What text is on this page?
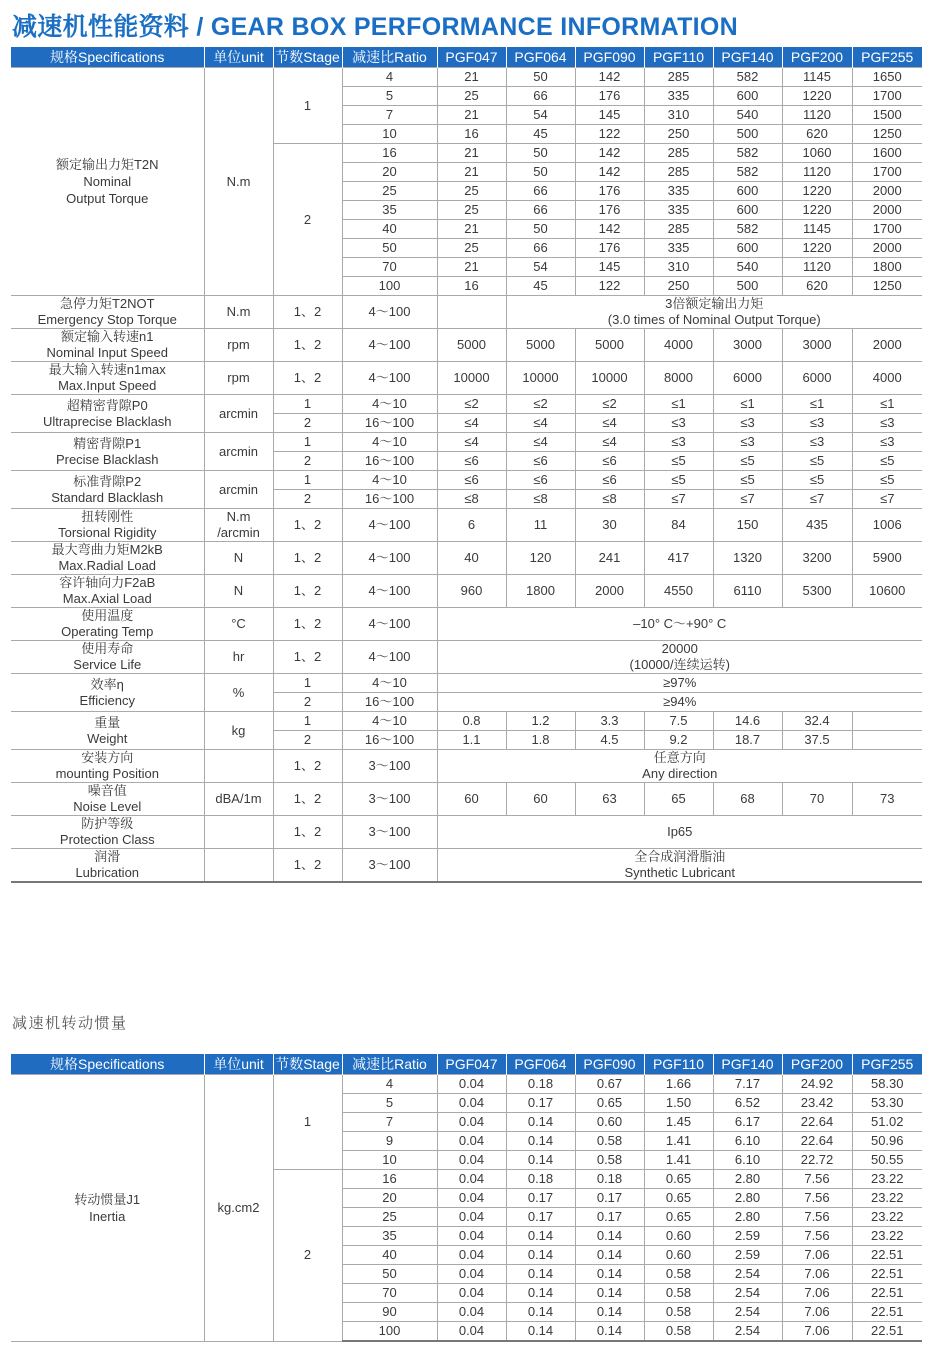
减速机性能资料 / GEAR BOX PERFORMANCE INFORMATION
规格Specifications	单位unit	节数Stage	减速比Ratio	PGF047	PGF064	PGF090	PGF110	PGF140	PGF200	PGF255

额定输出力矩T2N
Nominal
Output Torque	N.m	1	4	21	50	142	285	582	1145	1650
			5	25	66	176	335	600	1220	1700
			7	21	54	145	310	540	1120	1500
			10	16	45	122	250	500	620	1250
		2	16	21	50	142	285	582	1060	1600
			20	21	50	142	285	582	1120	1700
			25	25	66	176	335	600	1220	2000
			35	25	66	176	335	600	1220	2000
			40	21	50	142	285	582	1145	1700
			50	25	66	176	335	600	1220	2000
			70	21	54	145	310	540	1120	1800
			100	16	45	122	250	500	620	1250

急停力矩T2NOT
Emergency Stop Torque	N.m	1、2	4～100		3倍额定输出力矩
(3.0 times of Nominal Output Torque)					

额定输入转速n1
Nominal Input Speed	rpm	1、2	4～100	5000	5000	5000	4000	3000	3000	2000

最大输入转速n1max
Max.Input Speed	rpm	1、2	4～100	10000	10000	10000	8000	6000	6000	4000

超精密背隙P0
Ultraprecise Blacklash	arcmin	1	4～10	≤2	≤2	≤2	≤1	≤1	≤1	≤1
		2	16～100	≤4	≤4	≤4	≤3	≤3	≤3	≤3

精密背隙P1
Precise Blacklash	arcmin	1	4～10	≤4	≤4	≤4	≤3	≤3	≤3	≤3
		2	16～100	≤6	≤6	≤6	≤5	≤5	≤5	≤5

标准背隙P2
Standard Blacklash	arcmin	1	4～10	≤6	≤6	≤6	≤5	≤5	≤5	≤5
		2	16～100	≤8	≤8	≤8	≤7	≤7	≤7	≤7

扭转刚性
Torsional Rigidity	N.m
/arcmin	1、2	4～100	6	11	30	84	150	435	1006

最大弯曲力矩M2kB
Max.Radial Load	N	1、2	4～100	40	120	241	417	1320	3200	5900

容许轴向力F2aB
Max.Axial Load	N	1、2	4～100	960	1800	2000	4550	6110	5300	10600

使用温度
Operating Temp	°C	1、2	4～100	–10° C～+90° C						

使用寿命
Service Life	hr	1、2	4～100	20000
(10000/连续运转)						

效率η
Efficiency	%	1	4～10	≥97%						
		2	16～100	≥94%						

重量
Weight	kg	1	4～10	0.8	1.2	3.3	7.5	14.6	32.4	
		2	16～100	1.1	1.8	4.5	9.2	18.7	37.5	

安装方向
mounting Position		1、2	3～100	任意方向
Any direction						

噪音值
Noise Level	dBA/1m	1、2	3～100	60	60	63	65	68	70	73

防护等级
Protection Class		1、2	3～100	Ip65						

润滑
Lubrication		1、2	3～100	全合成润滑脂油
Synthetic Lubricant						
减速机转动惯量
规格Specifications	单位unit	节数Stage	减速比Ratio	PGF047	PGF064	PGF090	PGF110	PGF140	PGF200	PGF255

转动惯量J1
Inertia	kg.cm2	1	4	0.04	0.18	0.67	1.66	7.17	24.92	58.30
			5	0.04	0.17	0.65	1.50	6.52	23.42	53.30
			7	0.04	0.14	0.60	1.45	6.17	22.64	51.02
			9	0.04	0.14	0.58	1.41	6.10	22.64	50.96
			10	0.04	0.14	0.58	1.41	6.10	22.72	50.55
		2	16	0.04	0.18	0.18	0.65	2.80	7.56	23.22
			20	0.04	0.17	0.17	0.65	2.80	7.56	23.22
			25	0.04	0.17	0.17	0.65	2.80	7.56	23.22
			35	0.04	0.14	0.14	0.60	2.59	7.56	23.22
			40	0.04	0.14	0.14	0.60	2.59	7.06	22.51
			50	0.04	0.14	0.14	0.58	2.54	7.06	22.51
			70	0.04	0.14	0.14	0.58	2.54	7.06	22.51
			90	0.04	0.14	0.14	0.58	2.54	7.06	22.51
			100	0.04	0.14	0.14	0.58	2.54	7.06	22.51
